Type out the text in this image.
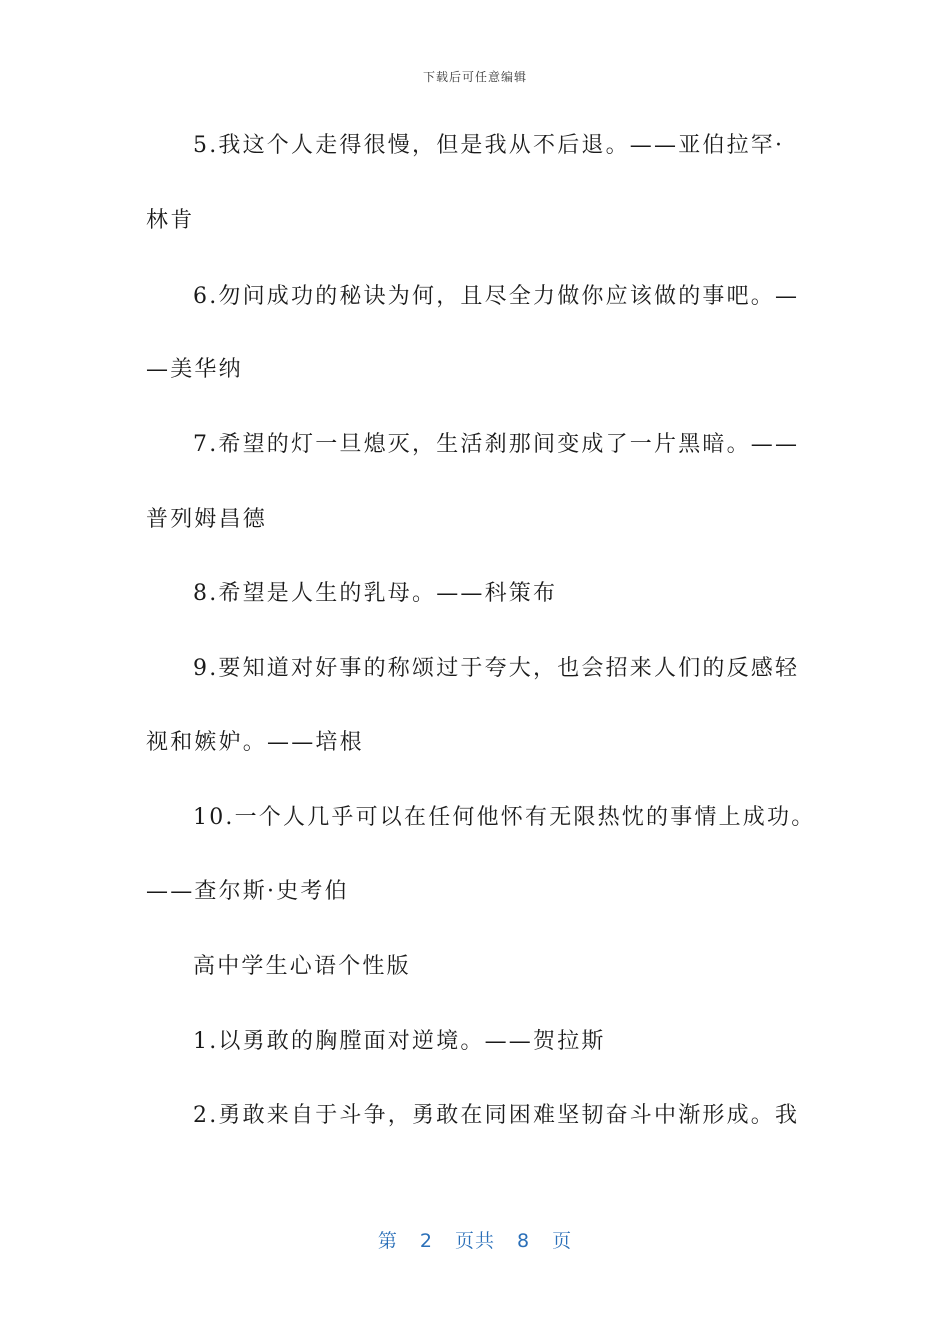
下载后可任意编辑
5.我这个人走得很慢，但是我从不后退。——亚伯拉罕·
林肯
6.勿问成功的秘诀为何，且尽全力做你应该做的事吧。—
—美华纳
7.希望的灯一旦熄灭，生活刹那间变成了一片黑暗。——
普列姆昌德
8.希望是人生的乳母。——科策布
9.要知道对好事的称颂过于夸大，也会招来人们的反感轻
视和嫉妒。——培根
10.一个人几乎可以在任何他怀有无限热忱的事情上成功。
——查尔斯·史考伯
高中学生心语个性版
1.以勇敢的胸膛面对逆境。——贺拉斯
2.勇敢来自于斗争，勇敢在同困难坚韧奋斗中渐形成。我
第 2 页共 8 页
